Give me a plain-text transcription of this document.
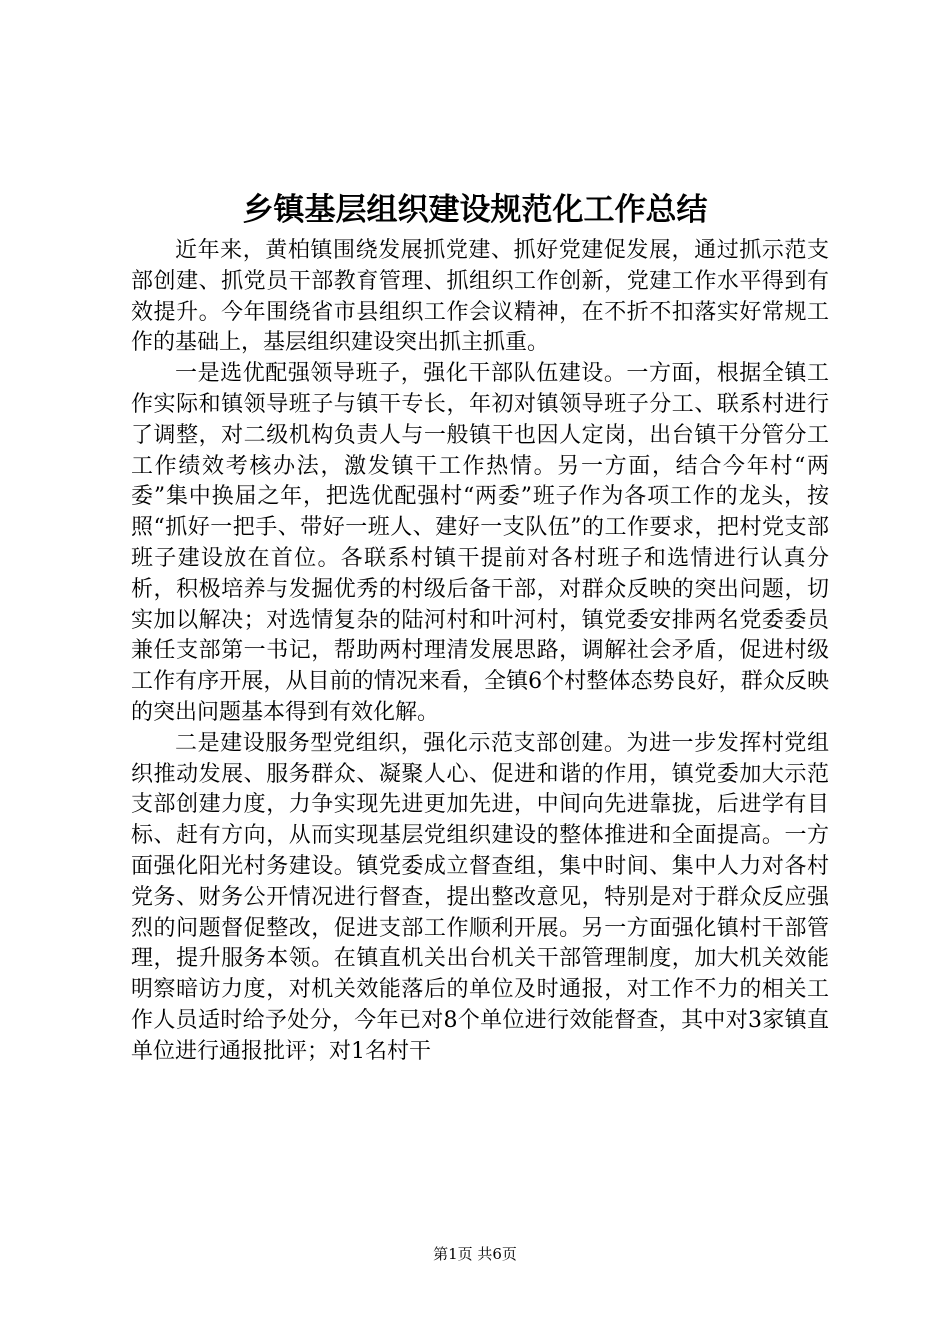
乡镇基层组织建设规范化工作总结

近年来，黄柏镇围绕发展抓党建、抓好党建促发展，通过抓示范支部创建、抓党员干部教育管理、抓组织工作创新，党建工作水平得到有效提升。今年围绕省市县组织工作会议精神，在不折不扣落实好常规工作的基础上，基层组织建设突出抓主抓重。

一是选优配强领导班子，强化干部队伍建设。一方面，根据全镇工作实际和镇领导班子与镇干专长，年初对镇领导班子分工、联系村进行了调整，对二级机构负责人与一般镇干也因人定岗，出台镇干分管分工工作绩效考核办法，激发镇干工作热情。另一方面，结合今年村“两委”集中换届之年，把选优配强村“两委”班子作为各项工作的龙头，按照“抓好一把手、带好一班人、建好一支队伍”的工作要求，把村党支部班子建设放在首位。各联系村镇干提前对各村班子和选情进行认真分析，积极培养与发掘优秀的村级后备干部，对群众反映的突出问题，切实加以解决；对选情复杂的陆河村和叶河村，镇党委安排两名党委委员兼任支部第一书记，帮助两村理清发展思路，调解社会矛盾，促进村级工作有序开展，从目前的情况来看，全镇6个村整体态势良好，群众反映的突出问题基本得到有效化解。

二是建设服务型党组织，强化示范支部创建。为进一步发挥村党组织推动发展、服务群众、凝聚人心、促进和谐的作用，镇党委加大示范支部创建力度，力争实现先进更加先进，中间向先进靠拢，后进学有目标、赶有方向，从而实现基层党组织建设的整体推进和全面提高。一方面强化阳光村务建设。镇党委成立督查组，集中时间、集中人力对各村党务、财务公开情况进行督查，提出整改意见，特别是对于群众反应强烈的问题督促整改，促进支部工作顺利开展。另一方面强化镇村干部管理，提升服务本领。在镇直机关出台机关干部管理制度，加大机关效能明察暗访力度，对机关效能落后的单位及时通报，对工作不力的相关工作人员适时给予处分，今年已对8个单位进行效能督查，其中对3家镇直单位进行通报批评；对1名村干

第1页 共6页
